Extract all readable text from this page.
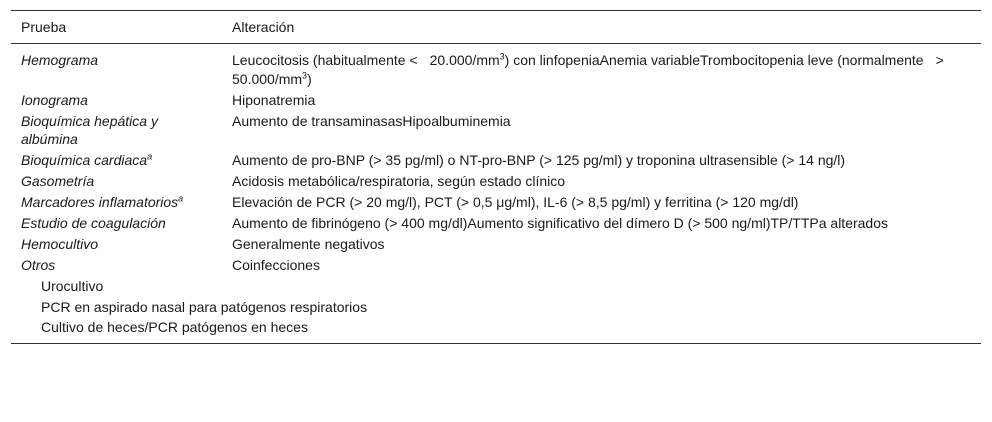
Prueba	Alteración
Hemograma	Leucocitosis (habitualmente < $20.000/mm^3$) con linfopeniaAnemia variableTrombocitopenia leve (normalmente > $50.000/mm^3$)
Ionograma	Hiponatremia
Bioquímica hepática y albúmina	Aumento de transaminasasHipoalbuminemia
Bioquímica cardiaca$^a$	Aumento de pro-BNP (> 35 pg/ml) o NT-pro-BNP (> 125 pg/ml) y troponina ultrasensible (> 14 ng/l)
Gasometría	Acidosis metabólica/respiratoria, según estado clínico
Marcadores inflamatorios$^a$	Elevación de PCR (> 20 mg/l), PCT (> 0,5 μg/ml), IL-6 (> 8,5 pg/ml) y ferritina (> 120 mg/dl)
Estudio de coagulación	Aumento de fibrinógeno (> 400 mg/dl)Aumento significativo del dímero D (> 500 ng/ml)TP/TTPa alterados
Hemocultivo	Generalmente negativos
Otros	Coinfecciones
Urocultivo	
PCR en aspirado nasal para patógenos respiratorios	
Cultivo de heces/PCR patógenos en heces	
